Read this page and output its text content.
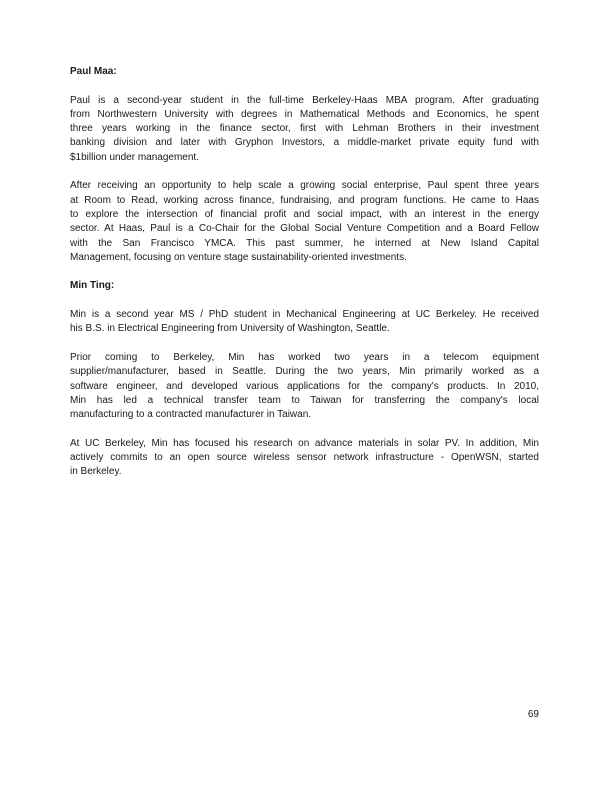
Paul Maa:
Paul is a second-year student in the full-time Berkeley-Haas MBA program. After graduating
from Northwestern University with degrees in Mathematical Methods and Economics, he spent
three years working in the finance sector, first with Lehman Brothers in their investment
banking division and later with Gryphon Investors, a middle-market private equity fund with
$1billion under management.
After receiving an opportunity to help scale a growing social enterprise, Paul spent three years
at Room to Read, working across finance, fundraising, and program functions. He came to Haas
to explore the intersection of financial profit and social impact, with an interest in the energy
sector. At Haas, Paul is a Co-Chair for the Global Social Venture Competition and a Board Fellow
with the San Francisco YMCA. This past summer, he interned at New Island Capital
Management, focusing on venture stage sustainability-oriented investments.
Min Ting:
Min is a second year MS / PhD student in Mechanical Engineering at UC Berkeley. He received
his B.S. in Electrical Engineering from University of Washington, Seattle.
Prior coming to Berkeley, Min has worked two years in a telecom equipment
supplier/manufacturer, based in Seattle. During the two years, Min primarily worked as a
software engineer, and developed various applications for the company's products. In 2010,
Min has led a technical transfer team to Taiwan for transferring the company's local
manufacturing to a contracted manufacturer in Taiwan.
At UC Berkeley, Min has focused his research on advance materials in solar PV. In addition, Min
actively commits to an open source wireless sensor network infrastructure - OpenWSN, started
in Berkeley.
69
